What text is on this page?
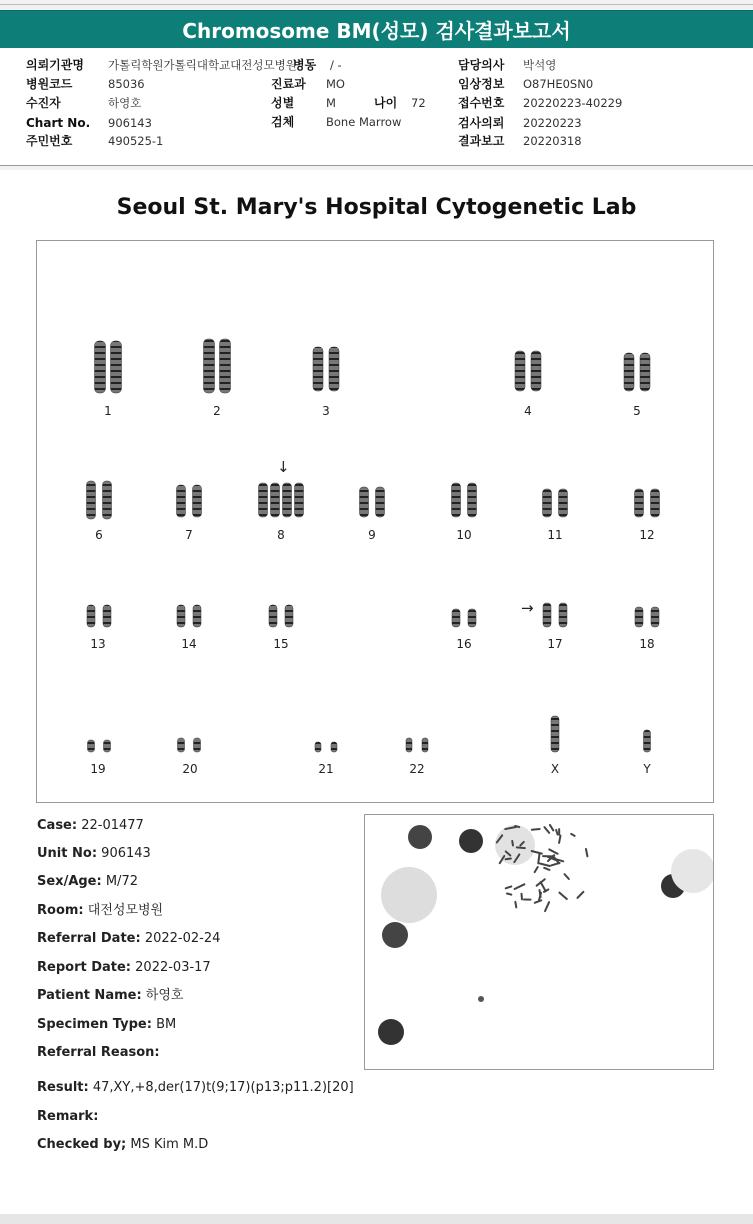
Chromosome BM(성모) 검사결과보고서
의뢰기관명 가톨릭학원가톨릭대학교대전성모병원
병원코드	85036
수진자	하영호
Chart No. 906143
주민번호	490525-1
병동 / -
진료과 MO
성별	M	나이 72
검체	Bone Marrow
담당의사 박석영
임상정보 O87HE0SN0
접수번호 20220223-40229
검사의뢰 20220223
결과보고 20220318
Seoul St. Mary's Hospital Cytogenetic Lab
↓
→
1	2	3	4	5
6	7	8	9	10	11	12
13	14	15	16	17	18
19	20	21	22	X	Y
Case: 22-01477
Unit No: 906143
Sex/Age: M/72
Room: 대전성모병원
Referral Date: 2022-02-24
Report Date: 2022-03-17
Patient Name: 하영호
Specimen Type: BM
Referral Reason:
Result: 47,XY,+8,der(17)t(9;17)(p13;p11.2)[20]
Remark:
Checked by; MS Kim M.D
